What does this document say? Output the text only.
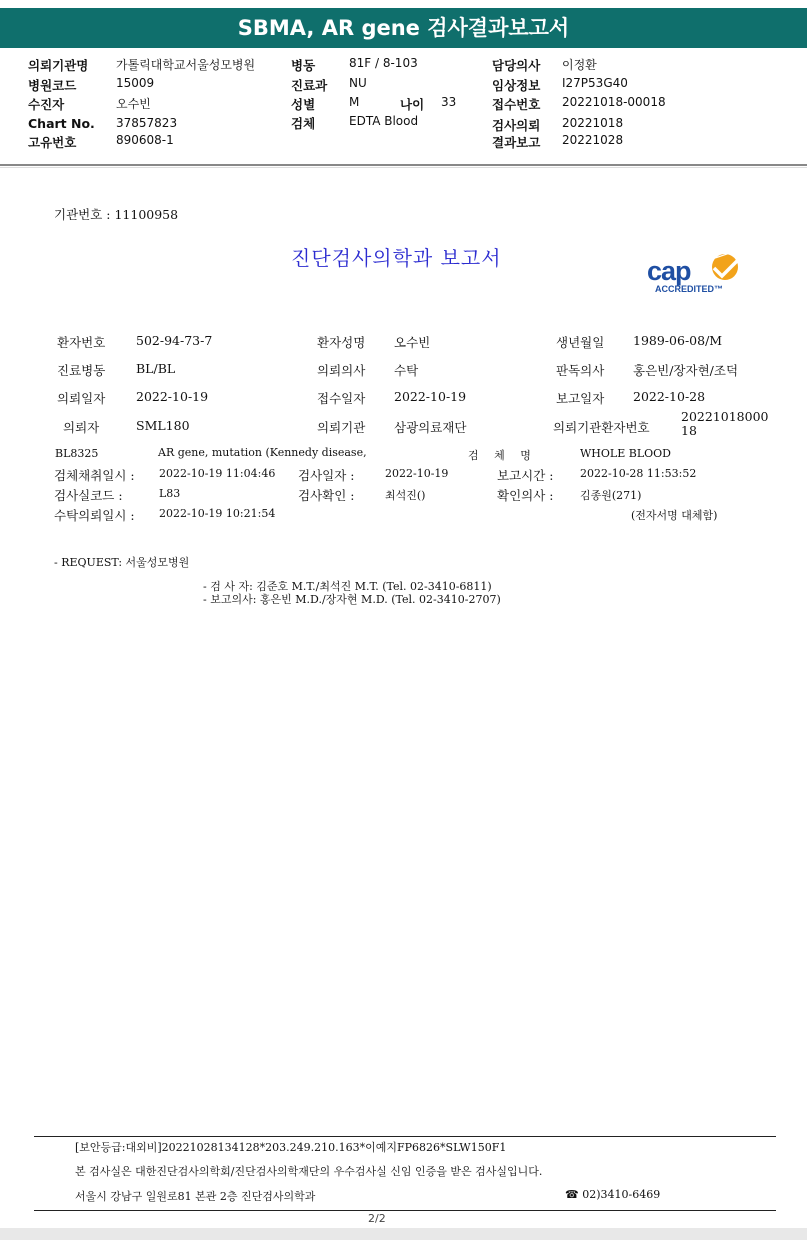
SBMA, AR gene 검사결과보고서
의뢰기관명 가톨릭대학교서울성모병원
병원코드	15009
수진자	오수빈
Chart No. 37857823
고유번호	890608-1
병동	81F / 8-103
진료과 NU
성별	M	나이 33
검체	EDTA Blood
담당의사 이정환
임상정보 I27P53G40
접수번호 20221018-00018
검사의뢰 20221018
결과보고 20221028
기관번호 : 11100958
진단검사의학과 보고서	cap
ACCREDITED™
환자번호 502-94-73-7	환자성명 오수빈	생년월일 1989-06-08/M
진료병동 BL/BL	의뢰의사 수탁	판독의사 홍은빈/장자현/조덕
의뢰일자 2022-10-19	접수일자 2022-10-19	보고일자 2022-10-28
의뢰자	SML180	의뢰기관 삼광의료재단	의뢰기관환자번호
2022101800018
BL8325	AR gene, mutation (Kennedy disease,	검 체 명	WHOLE BLOOD
검체채취일시 : 2022-10-19 11:04:46 검사일자 :	2022-10-19	보고시간 : 2022-10-28 11:53:52
검사실코드 :	L83	검사확인 :	최석진()	확인의사 : 김종원(271)
수탁의뢰일시 : 2022-10-19 10:21:54	(전자서명 대체함)
- REQUEST: 서울성모병원
- 검 사 자: 김준호 M.T./최석진 M.T. (Tel. 02-3410-6811)
- 보고의사: 홍은빈 M.D./장자현 M.D. (Tel. 02-3410-2707)
[보안등급:대외비]20221028134128*203.249.210.163*이예지FP6826*SLW150F1
본 검사실은 대한진단검사의학회/진단검사의학재단의 우수검사실 신임 인증을 받은 검사실입니다.
서울시 강남구 일원로81 본관 2층 진단검사의학과	☎ 02)3410-6469
2/2
